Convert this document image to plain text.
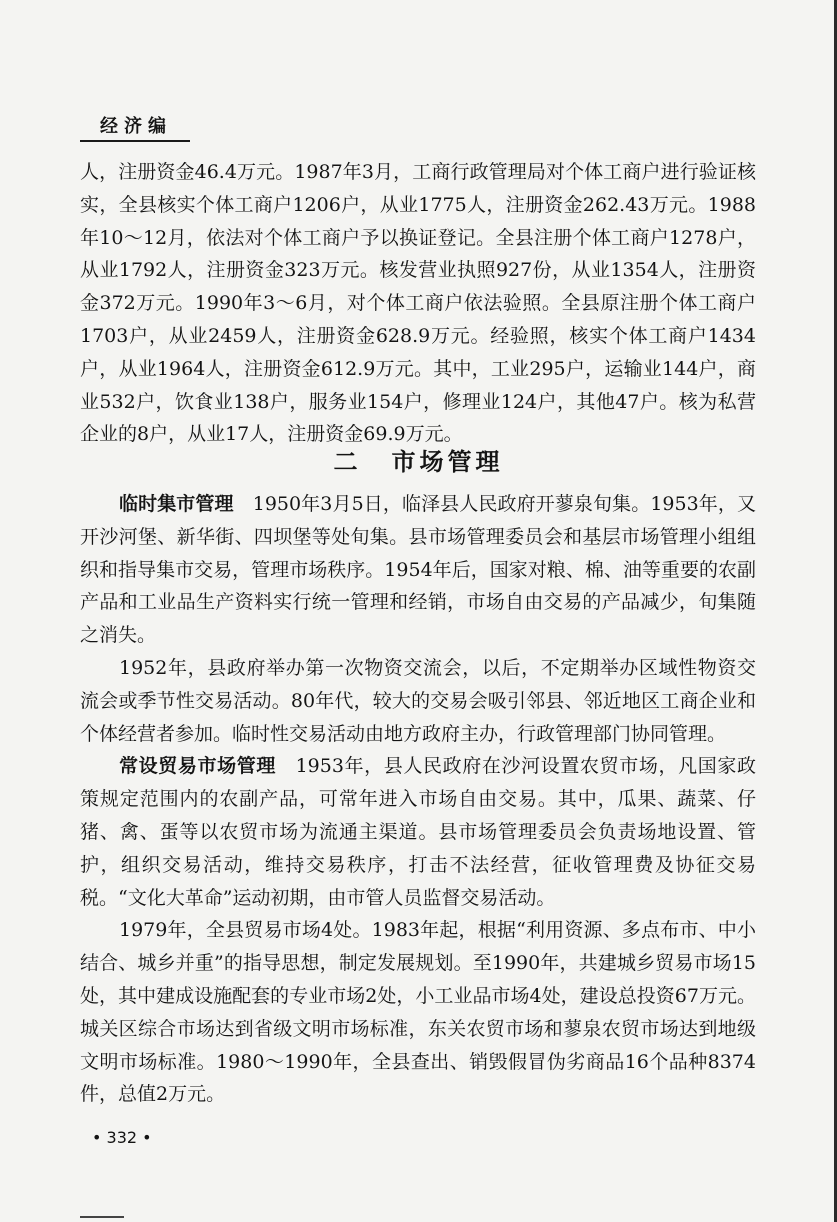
经济编

人，注册资金46.4万元。1987年3月，工商行政管理局对个体工商户进行验证核实，全县核实个体工商户1206户，从业1775人，注册资金262.43万元。1988年10～12月，依法对个体工商户予以换证登记。全县注册个体工商户1278户，从业1792人，注册资金323万元。核发营业执照927份，从业1354人，注册资金372万元。1990年3～6月，对个体工商户依法验照。全县原注册个体工商户1703户，从业2459人，注册资金628.9万元。经验照，核实个体工商户1434户，从业1964人，注册资金612.9万元。其中，工业295户，运输业144户，商业532户，饮食业138户，服务业154户，修理业124户，其他47户。核为私营企业的8户，从业17人，注册资金69.9万元。

二 市场管理

临时集市管理　1950年3月5日，临泽县人民政府开蓼泉旬集。1953年，又开沙河堡、新华街、四坝堡等处旬集。县市场管理委员会和基层市场管理小组组织和指导集市交易，管理市场秩序。1954年后，国家对粮、棉、油等重要的农副产品和工业品生产资料实行统一管理和经销，市场自由交易的产品减少，旬集随之消失。

1952年，县政府举办第一次物资交流会，以后，不定期举办区域性物资交流会或季节性交易活动。80年代，较大的交易会吸引邻县、邻近地区工商企业和个体经营者参加。临时性交易活动由地方政府主办，行政管理部门协同管理。

常设贸易市场管理　1953年，县人民政府在沙河设置农贸市场，凡国家政策规定范围内的农副产品，可常年进入市场自由交易。其中，瓜果、蔬菜、仔猪、禽、蛋等以农贸市场为流通主渠道。县市场管理委员会负责场地设置、管护，组织交易活动，维持交易秩序，打击不法经营，征收管理费及协征交易税。“文化大革命”运动初期，由市管人员监督交易活动。

1979年，全县贸易市场4处。1983年起，根据“利用资源、多点布市、中小结合、城乡并重”的指导思想，制定发展规划。至1990年，共建城乡贸易市场15处，其中建成设施配套的专业市场2处，小工业品市场4处，建设总投资67万元。城关区综合市场达到省级文明市场标准，东关农贸市场和蓼泉农贸市场达到地级文明市场标准。1980～1990年，全县查出、销毁假冒伪劣商品16个品种8374件，总值2万元。

• 332 •
